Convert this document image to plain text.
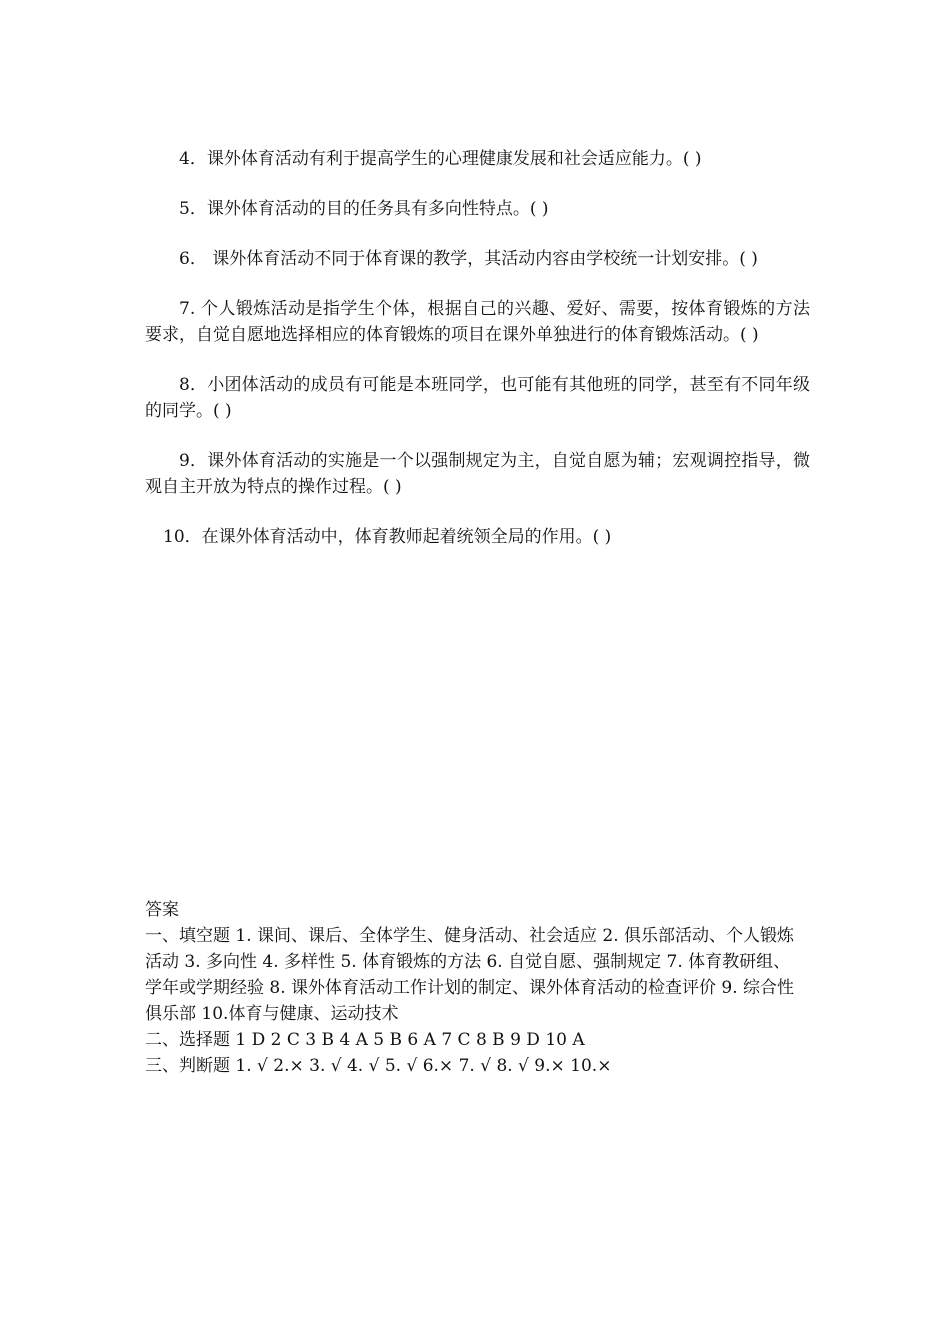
4．课外体育活动有利于提高学生的心理健康发展和社会适应能力。( )

5．课外体育活动的目的任务具有多向性特点。( )

6． 课外体育活动不同于体育课的教学，其活动内容由学校统一计划安排。( )

7. 个人锻炼活动是指学生个体，根据自己的兴趣、爱好、需要，按体育锻炼的方法要求，自觉自愿地选择相应的体育锻炼的项目在课外单独进行的体育锻炼活动。( )

8．小团体活动的成员有可能是本班同学，也可能有其他班的同学，甚至有不同年级的同学。( )

9．课外体育活动的实施是一个以强制规定为主，自觉自愿为辅；宏观调控指导，微观自主开放为特点的操作过程。( )

10．在课外体育活动中，体育教师起着统领全局的作用。( )

答案

一、填空题 1. 课间、课后、全体学生、健身活动、社会适应 2. 俱乐部活动、个人锻炼活动 3. 多向性 4. 多样性 5. 体育锻炼的方法 6. 自觉自愿、强制规定 7. 体育教研组、 学年或学期经验 8. 课外体育活动工作计划的制定、课外体育活动的检查评价 9. 综合性俱乐部 10.体育与健康、运动技术

二、选择题 1 D 2 C 3 B 4 A 5 B 6 A 7 C 8 B 9 D 10 A

三、判断题 1. √ 2.× 3. √ 4. √ 5. √ 6.× 7. √ 8. √ 9.× 10.×
